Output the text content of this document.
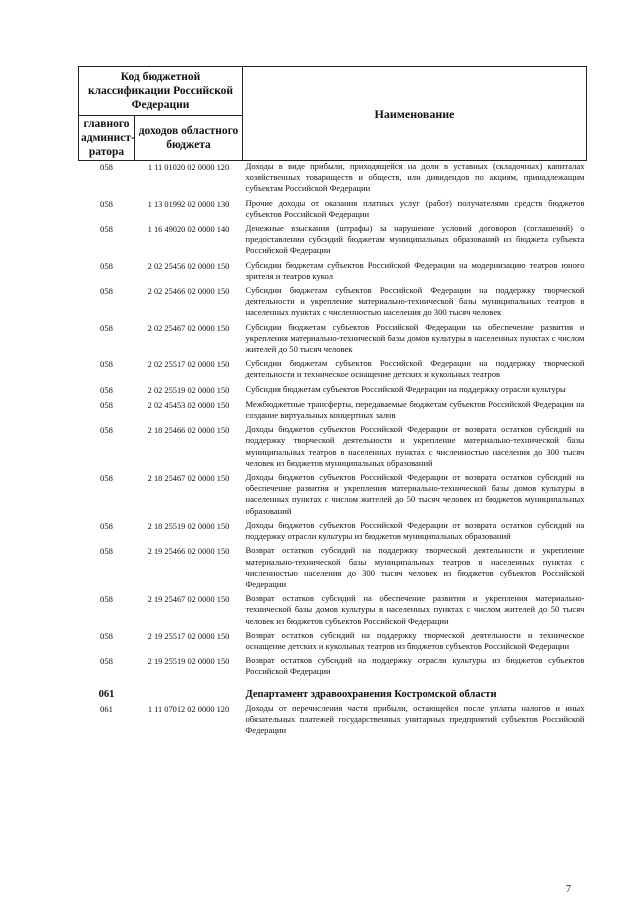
Код бюджетной классификации Российской Федерации		Наименование
главного админист-ратора	доходов областного бюджета	
058	1 11 01020 02 0000 120	Доходы в виде прибыли, приходящейся на доли в уставных (складочных) капиталах хозяйственных товариществ и обществ, или дивидендов по акциям, принадлежащим субъектам Российской Федерации
058	1 13 01992 02 0000 130	Прочие доходы от оказания платных услуг (работ) получателями средств бюджетов субъектов Российской Федерации
058	1 16 49020 02 0000 140	Денежные взыскания (штрафы) за нарушение условий договоров (соглашений) о предоставлении субсидий бюджетам муниципальных образований из бюджета субъекта Российской Федерации
058	2 02 25456 02 0000 150	Субсидии бюджетам субъектов Российской Федерации на модернизацию театров юного зрителя и театров кукол
058	2 02 25466 02 0000 150	Субсидии бюджетам субъектов Российской Федерации на поддержку творческой деятельности и укрепление материально-технической базы муниципальных театров в населенных пунктах с численностью населения до 300 тысяч человек
058	2 02 25467 02 0000 150	Субсидии бюджетам субъектов Российской Федерации на обеспечение развития и укрепления материально-технической базы домов культуры в населенных пунктах с числом жителей до 50 тысяч человек
058	2 02 25517 02 0000 150	Субсидии бюджетам субъектов Российской Федерации на поддержку творческой деятельности и техническое оснащение детских и кукольных театров
058	2 02 25519 02 0000 150	Субсидия бюджетам субъектов Российской Федерации на поддержку отрасли культуры
058	2 02 45453 02 0000 150	Межбюджетные трансферты, передаваемые бюджетам субъектов Российской Федерации на создание виртуальных концертных залов
058	2 18 25466 02 0000 150	Доходы бюджетов субъектов Российской Федерации от возврата остатков субсидий на поддержку творческой деятельности и укрепление материально-технической базы муниципальных театров в населенных пунктах с численностью населения до 300 тысяч человек из бюджетов муниципальных образований
058	2 18 25467 02 0000 150	Доходы бюджетов субъектов Российской Федерации от возврата остатков субсидий на обеспечение развития и укрепления материально-технической базы домов культуры в населенных пунктах с числом жителей до 50 тысяч человек из бюджетов муниципальных образований
058	2 18 25519 02 0000 150	Доходы бюджетов субъектов Российской Федерации от возврата остатков субсидий на поддержку отрасли культуры из бюджетов муниципальных образований
058	2 19 25466 02 0000 150	Возврат остатков субсидий на поддержку творческой деятельности и укрепление материально-технической базы муниципальных театров в населенных пунктах с численностью населения до 300 тысяч человек из бюджетов субъектов Российской Федерации
058	2 19 25467 02 0000 150	Возврат остатков субсидий на обеспечение развития и укрепления материально-технической базы домов культуры в населенных пунктах с числом жителей до 50 тысяч человек из бюджетов субъектов Российской Федерации
058	2 19 25517 02 0000 150	Возврат остатков субсидий на поддержку творческой деятельности и техническое оснащение детских и кукольных театров из бюджетов субъектов Российской Федерации
058	2 19 25519 02 0000 150	Возврат остатков субсидий на поддержку отрасли культуры из бюджетов субъектов Российской Федерации
061		Департамент здравоохранения Костромской области
061	1 11 07012 02 0000 120	Доходы от перечисления части прибыли, остающейся после уплаты налогов и иных обязательных платежей государственных унитарных предприятий субъектов Российской Федерации
7
